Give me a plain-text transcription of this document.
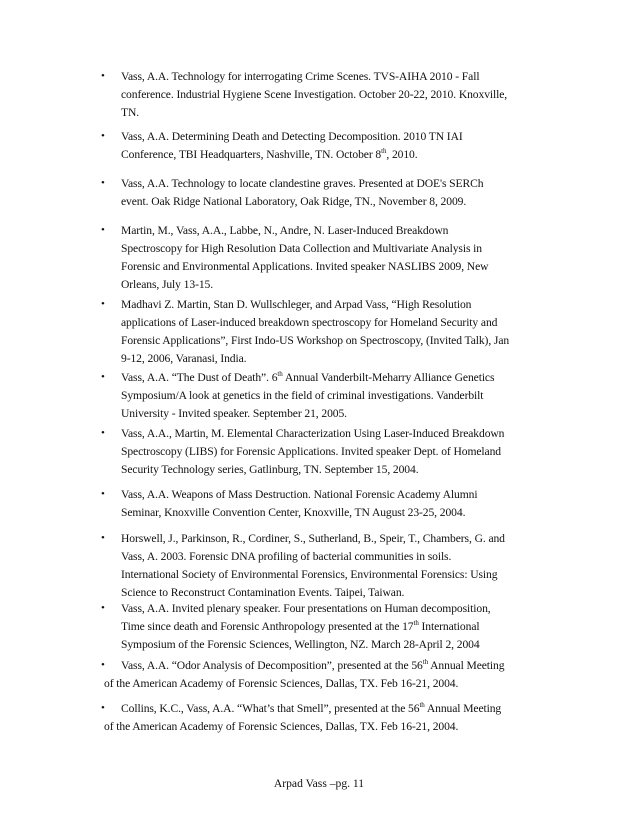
• Vass, A.A. Technology for interrogating Crime Scenes. TVS-AIHA 2010 - Fall
conference. Industrial Hygiene Scene Investigation. October 20-22, 2010. Knoxville,
TN.
• Vass, A.A. Determining Death and Detecting Decomposition. 2010 TN IAI
Conference, TBI Headquarters, Nashville, TN. October 8th, 2010.
• Vass, A.A. Technology to locate clandestine graves. Presented at DOE's SERCh
event. Oak Ridge National Laboratory, Oak Ridge, TN., November 8, 2009.
• Martin, M., Vass, A.A., Labbe, N., Andre, N. Laser-Induced Breakdown
Spectroscopy for High Resolution Data Collection and Multivariate Analysis in
Forensic and Environmental Applications. Invited speaker NASLIBS 2009, New
Orleans, July 13-15.
• Madhavi Z. Martin, Stan D. Wullschleger, and Arpad Vass, “High Resolution
applications of Laser-induced breakdown spectroscopy for Homeland Security and
Forensic Applications”, First Indo-US Workshop on Spectroscopy, (Invited Talk), Jan
9-12, 2006, Varanasi, India.
• Vass, A.A. “The Dust of Death”. 6th Annual Vanderbilt-Meharry Alliance Genetics
Symposium/A look at genetics in the field of criminal investigations. Vanderbilt
University - Invited speaker. September 21, 2005.
• Vass, A.A., Martin, M. Elemental Characterization Using Laser-Induced Breakdown
Spectroscopy (LIBS) for Forensic Applications. Invited speaker Dept. of Homeland
Security Technology series, Gatlinburg, TN. September 15, 2004.
• Vass, A.A. Weapons of Mass Destruction. National Forensic Academy Alumni
Seminar, Knoxville Convention Center, Knoxville, TN August 23-25, 2004.
• Horswell, J., Parkinson, R., Cordiner, S., Sutherland, B., Speir, T., Chambers, G. and
Vass, A. 2003. Forensic DNA profiling of bacterial communities in soils.
International Society of Environmental Forensics, Environmental Forensics: Using
Science to Reconstruct Contamination Events. Taipei, Taiwan.
• Vass, A.A. Invited plenary speaker. Four presentations on Human decomposition,
Time since death and Forensic Anthropology presented at the 17th International
Symposium of the Forensic Sciences, Wellington, NZ. March 28-April 2, 2004
• Vass, A.A. “Odor Analysis of Decomposition”, presented at the 56th Annual Meeting
of the American Academy of Forensic Sciences, Dallas, TX. Feb 16-21, 2004.
• Collins, K.C., Vass, A.A. “What’s that Smell”, presented at the 56th Annual Meeting
of the American Academy of Forensic Sciences, Dallas, TX. Feb 16-21, 2004.
Arpad Vass –pg. 11
